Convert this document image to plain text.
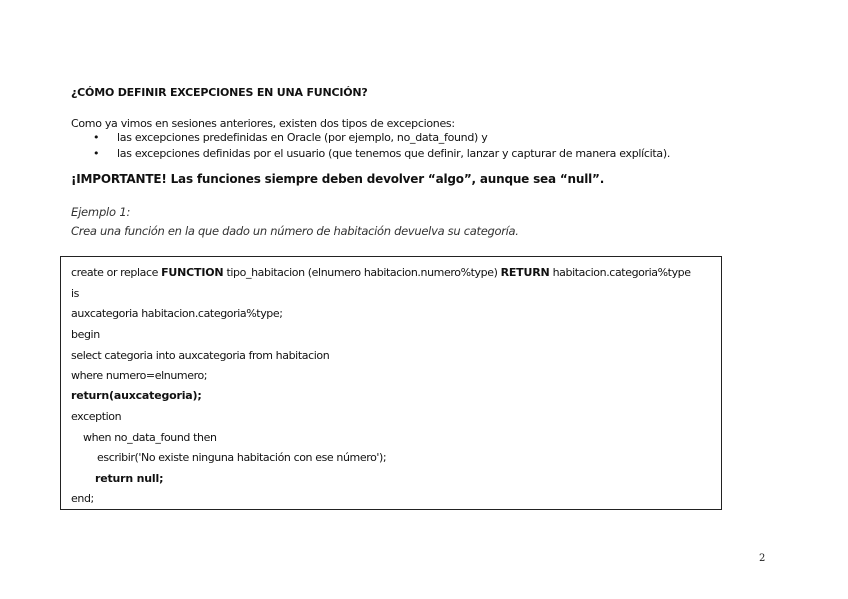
¿CÓMO DEFINIR EXCEPCIONES EN UNA FUNCIÓN?
Como ya vimos en sesiones anteriores, existen dos tipos de excepciones:
• las excepciones predefinidas en Oracle (por ejemplo, no_data_found) y
• las excepciones definidas por el usuario (que tenemos que definir, lanzar y capturar de manera explícita).
¡IMPORTANTE! Las funciones siempre deben devolver “algo”, aunque sea “null”.
Ejemplo 1:
Crea una función en la que dado un número de habitación devuelva su categoría.
create or replace FUNCTION tipo_habitacion (elnumero habitacion.numero%type) RETURN habitacion.categoria%type
is
auxcategoria habitacion.categoria%type;
begin
select categoria into auxcategoria from habitacion
where numero=elnumero;
return(auxcategoria);
exception
when no_data_found then
escribir('No existe ninguna habitación con ese número');
return null;
end;
2
